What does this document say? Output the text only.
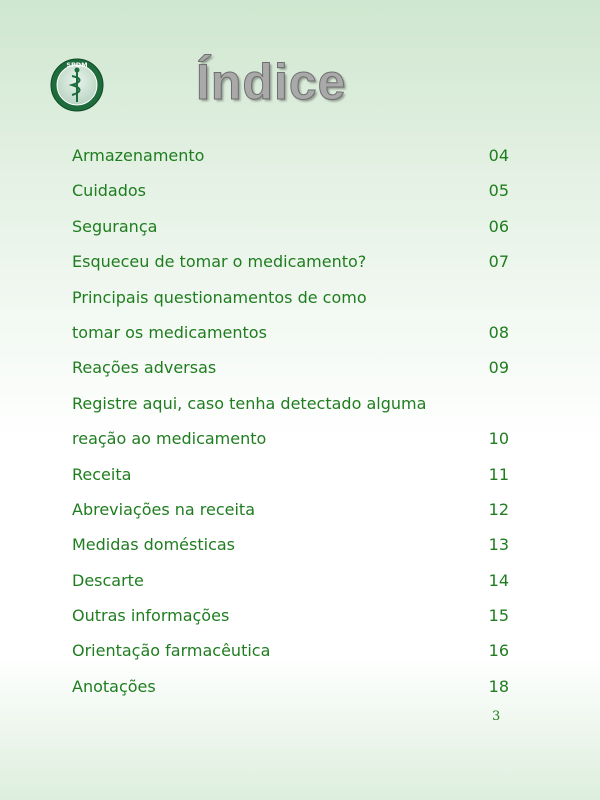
SPDM Índice
Armazenamento	04
Cuidados	05
Segurança	06
Esqueceu de tomar o medicamento?	07
Principais questionamentos de como
tomar os medicamentos	08
Reações adversas	09
Registre aqui, caso tenha detectado alguma
reação ao medicamento	10
Receita	11
Abreviações na receita	12
Medidas domésticas	13
Descarte	14
Outras informações	15
Orientação farmacêutica	16
Anotações	18
3
